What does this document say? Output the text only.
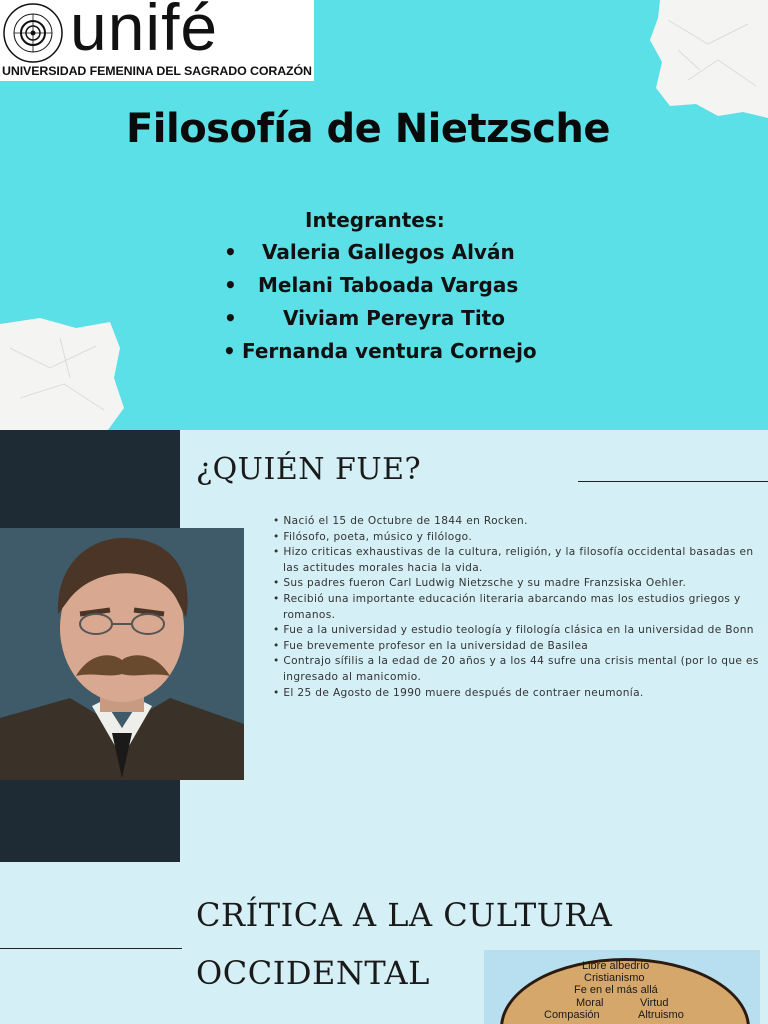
unifé
UNIVERSIDAD FEMENINA DEL SAGRADO CORAZÓN
Filosofía de Nietzsche
Integrantes:
• Valeria Gallegos Alván
• Melani Taboada Vargas
• Viviam Pereyra Tito
• Fernanda ventura Cornejo
¿QUIÉN FUE?
• Nació el 15 de Octubre de 1844 en Rocken.
• Filósofo, poeta, músico y filólogo.
• Hizo criticas exhaustivas de la cultura, religión, y la filosofía occidental basadas en las actitudes morales hacia la vida.
• Sus padres fueron Carl Ludwig Nietzsche y su madre Franzsiska Oehler.
• Recibió una importante educación literaria abarcando mas los estudios griegos y romanos.
• Fue a la universidad y estudio teología y filología clásica en la universidad de Bonn
• Fue brevemente profesor en la universidad de Basilea
• Contrajo sífilis a la edad de 20 años y a los 44 sufre una crisis mental (por lo que es ingresado al manicomio.
• El 25 de Agosto de 1990 muere después de contraer neumonía.
CRÍTICA A LA CULTURA
OCCIDENTAL	Libre albedrío
Cristianismo
Fe en el más allá
Moral	Virtud
Compasión	Altruismo
